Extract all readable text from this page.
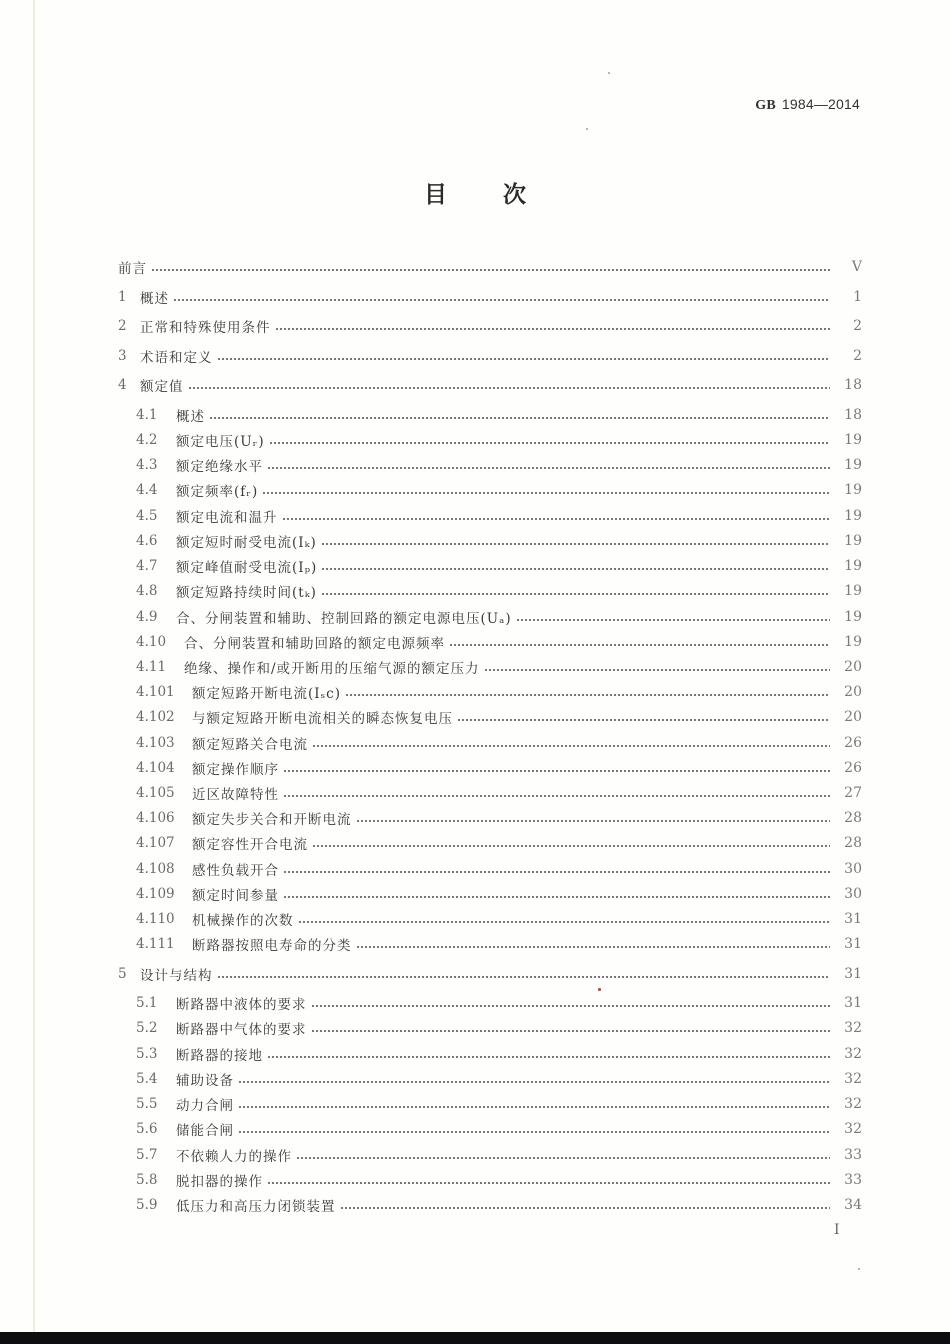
GB 1984—2014
目 次
前言	V
1 概述	1
2 正常和特殊使用条件	2
3 术语和定义	2
4 额定值	18
4.1	概述	18
4.2	额定电压(Uᵣ)	19
4.3	额定绝缘水平	19
4.4	额定频率(fᵣ)	19
4.5	额定电流和温升	19
4.6	额定短时耐受电流(Iₖ)	19
4.7	额定峰值耐受电流(Iₚ)	19
4.8	额定短路持续时间(tₖ)	19
4.9	合、分闸装置和辅助、控制回路的额定电源电压(Uₐ)	19
4.10	合、分闸装置和辅助回路的额定电源频率	19
4.11	绝缘、操作和/或开断用的压缩气源的额定压力	20
4.101	额定短路开断电流(Iₛc)	20
4.102	与额定短路开断电流相关的瞬态恢复电压	20
4.103	额定短路关合电流	26
4.104	额定操作顺序	26
4.105	近区故障特性	27
4.106	额定失步关合和开断电流	28
4.107	额定容性开合电流	28
4.108	感性负载开合	30
4.109	额定时间参量	30
4.110	机械操作的次数	31
4.111	断路器按照电寿命的分类	31
5 设计与结构	31
5.1	断路器中液体的要求	31
5.2	断路器中气体的要求	32
5.3	断路器的接地	32
5.4	辅助设备	32
5.5	动力合闸	32
5.6	储能合闸	32
5.7	不依赖人力的操作	33
5.8	脱扣器的操作	33
5.9	低压力和高压力闭锁装置	34
I
